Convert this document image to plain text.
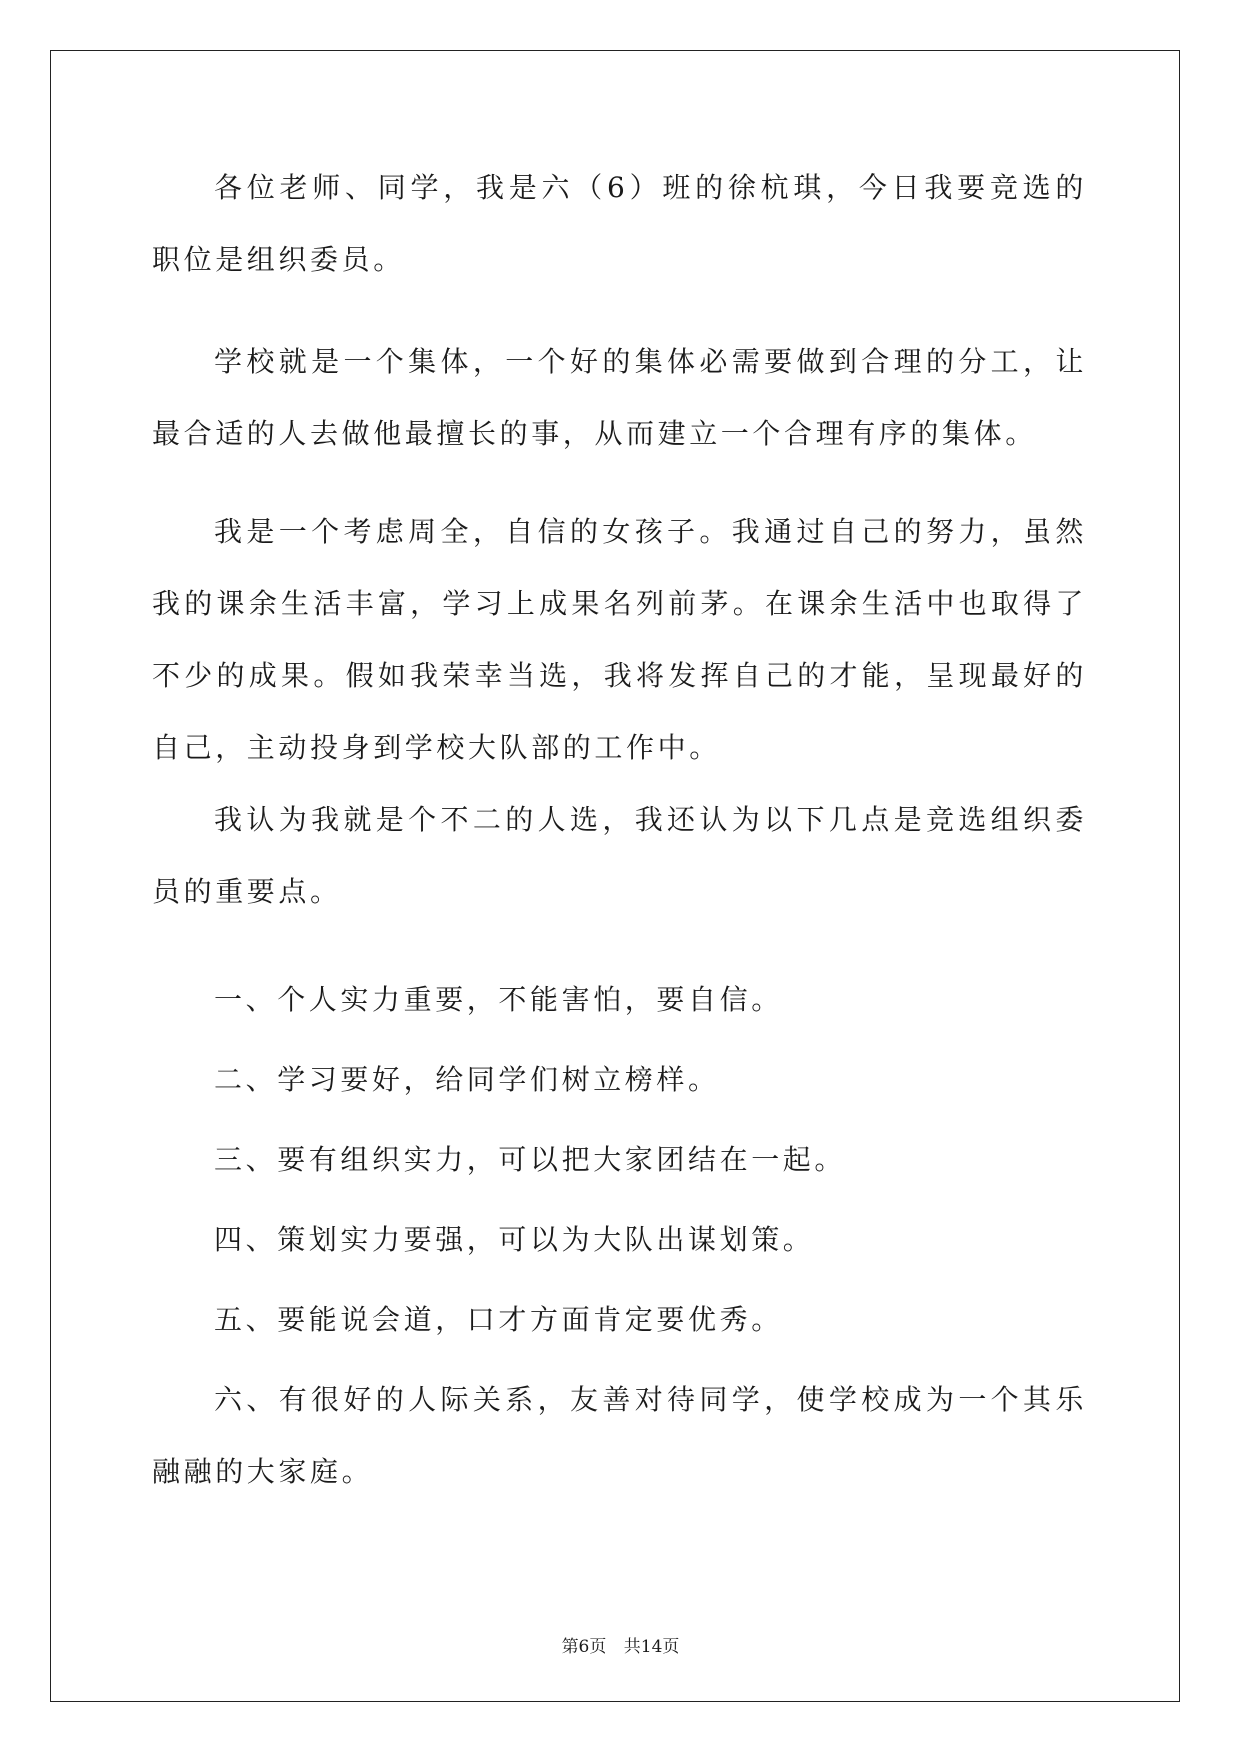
各位老师、同学，我是六（6）班的徐杭琪，今日我要竞选的职位是组织委员。

学校就是一个集体，一个好的集体必需要做到合理的分工，让最合适的人去做他最擅长的事，从而建立一个合理有序的集体。

我是一个考虑周全，自信的女孩子。我通过自己的努力，虽然我的课余生活丰富，学习上成果名列前茅。在课余生活中也取得了不少的成果。假如我荣幸当选，我将发挥自己的才能，呈现最好的自己，主动投身到学校大队部的工作中。

我认为我就是个不二的人选，我还认为以下几点是竞选组织委员的重要点。

一、个人实力重要，不能害怕，要自信。

二、学习要好，给同学们树立榜样。

三、要有组织实力，可以把大家团结在一起。

四、策划实力要强，可以为大队出谋划策。

五、要能说会道，口才方面肯定要优秀。

六、有很好的人际关系，友善对待同学，使学校成为一个其乐融融的大家庭。

第6页 共14页
